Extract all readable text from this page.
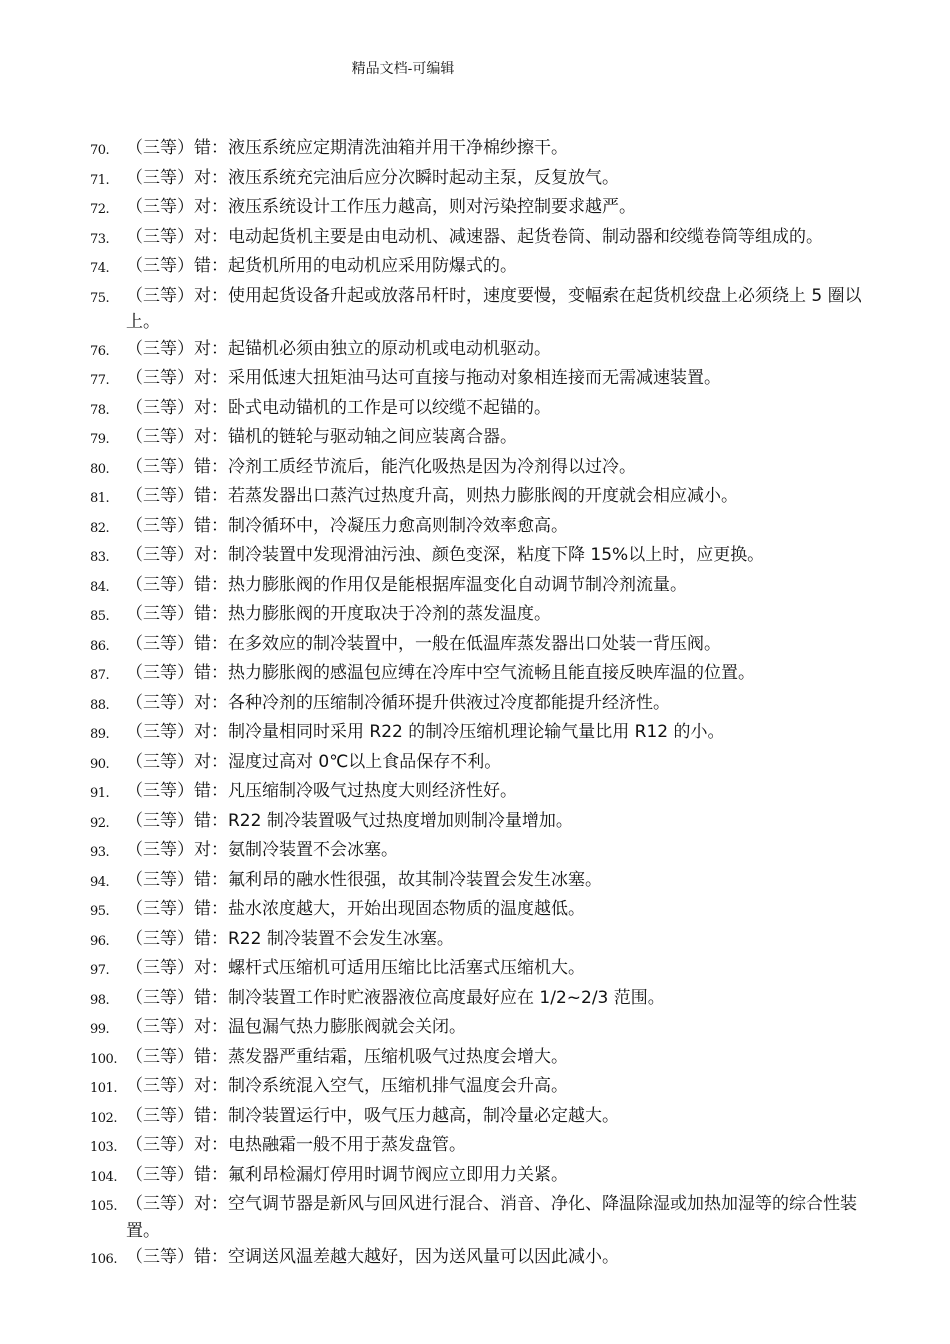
精品文档-可编辑
70. （三等）错：液压系统应定期清洗油箱并用干净棉纱擦干。
71. （三等）对：液压系统充完油后应分次瞬时起动主泵，反复放气。
72. （三等）对：液压系统设计工作压力越高，则对污染控制要求越严。
73. （三等）对：电动起货机主要是由电动机、减速器、起货卷筒、制动器和绞缆卷筒等组成的。
74. （三等）错：起货机所用的电动机应采用防爆式的。
75. （三等）对：使用起货设备升起或放落吊杆时，速度要慢，变幅索在起货机绞盘上必须绕上 5 圈以上。
76. （三等）对：起锚机必须由独立的原动机或电动机驱动。
77. （三等）对：采用低速大扭矩油马达可直接与拖动对象相连接而无需减速装置。
78. （三等）对：卧式电动锚机的工作是可以绞缆不起锚的。
79. （三等）对：锚机的链轮与驱动轴之间应装离合器。
80. （三等）错：冷剂工质经节流后，能汽化吸热是因为冷剂得以过冷。
81. （三等）错：若蒸发器出口蒸汽过热度升高，则热力膨胀阀的开度就会相应减小。
82. （三等）错：制冷循环中，冷凝压力愈高则制冷效率愈高。
83. （三等）对：制冷装置中发现滑油污浊、颜色变深，粘度下降 15%以上时，应更换。
84. （三等）错：热力膨胀阀的作用仅是能根据库温变化自动调节制冷剂流量。
85. （三等）错：热力膨胀阀的开度取决于冷剂的蒸发温度。
86. （三等）错：在多效应的制冷装置中，一般在低温库蒸发器出口处装一背压阀。
87. （三等）错：热力膨胀阀的感温包应缚在冷库中空气流畅且能直接反映库温的位置。
88. （三等）对：各种冷剂的压缩制冷循环提升供液过冷度都能提升经济性。
89. （三等）对：制冷量相同时采用 R22 的制冷压缩机理论输气量比用 R12 的小。
90. （三等）对：湿度过高对 0℃以上食品保存不利。
91. （三等）错：凡压缩制冷吸气过热度大则经济性好。
92. （三等）错：R22 制冷装置吸气过热度增加则制冷量增加。
93. （三等）对：氨制冷装置不会冰塞。
94. （三等）错：氟利昂的融水性很强，故其制冷装置会发生冰塞。
95. （三等）错：盐水浓度越大，开始出现固态物质的温度越低。
96. （三等）错：R22 制冷装置不会发生冰塞。
97. （三等）对：螺杆式压缩机可适用压缩比比活塞式压缩机大。
98. （三等）错：制冷装置工作时贮液器液位高度最好应在 1/2~2/3 范围。
99. （三等）对：温包漏气热力膨胀阀就会关闭。
100. （三等）错：蒸发器严重结霜，压缩机吸气过热度会增大。
101. （三等）对：制冷系统混入空气，压缩机排气温度会升高。
102. （三等）错：制冷装置运行中，吸气压力越高，制冷量必定越大。
103. （三等）对：电热融霜一般不用于蒸发盘管。
104. （三等）错：氟利昂检漏灯停用时调节阀应立即用力关紧。
105. （三等）对：空气调节器是新风与回风进行混合、消音、净化、降温除湿或加热加湿等的综合性装置。
106. （三等）错：空调送风温差越大越好，因为送风量可以因此减小。
